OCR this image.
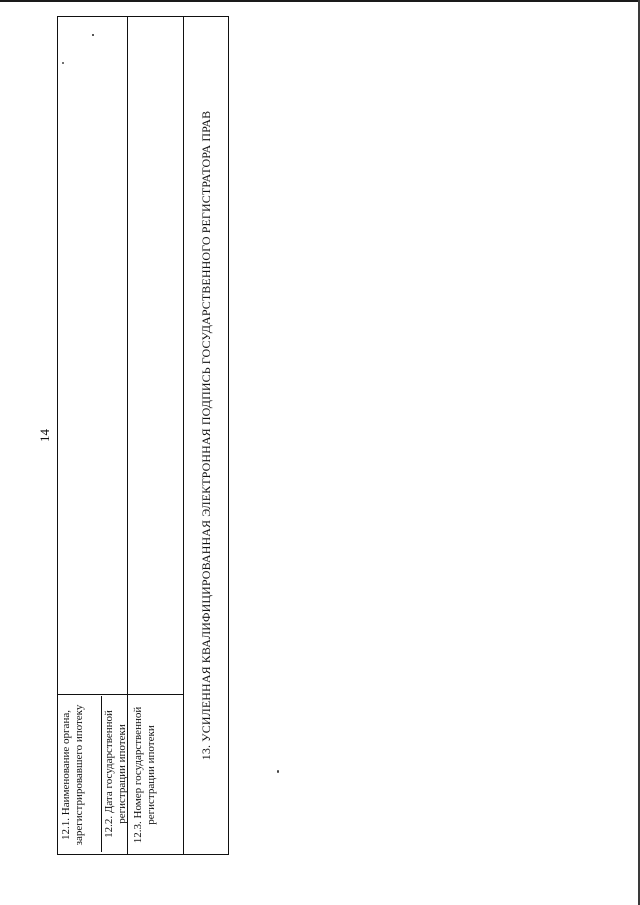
14
12.1. Наименование органа, зарегистрировавшего ипотеку	12.2. Дата государственной регистрации ипотеки 12.3. Номер государственной регистрации ипотеки
13. УСИЛЕННАЯ КВАЛИФИЦИРОВАННАЯ ЭЛЕКТРОННАЯ ПОДПИСЬ ГОСУДАРСТВЕННОГО РЕГИСТРАТОРА ПРАВ
